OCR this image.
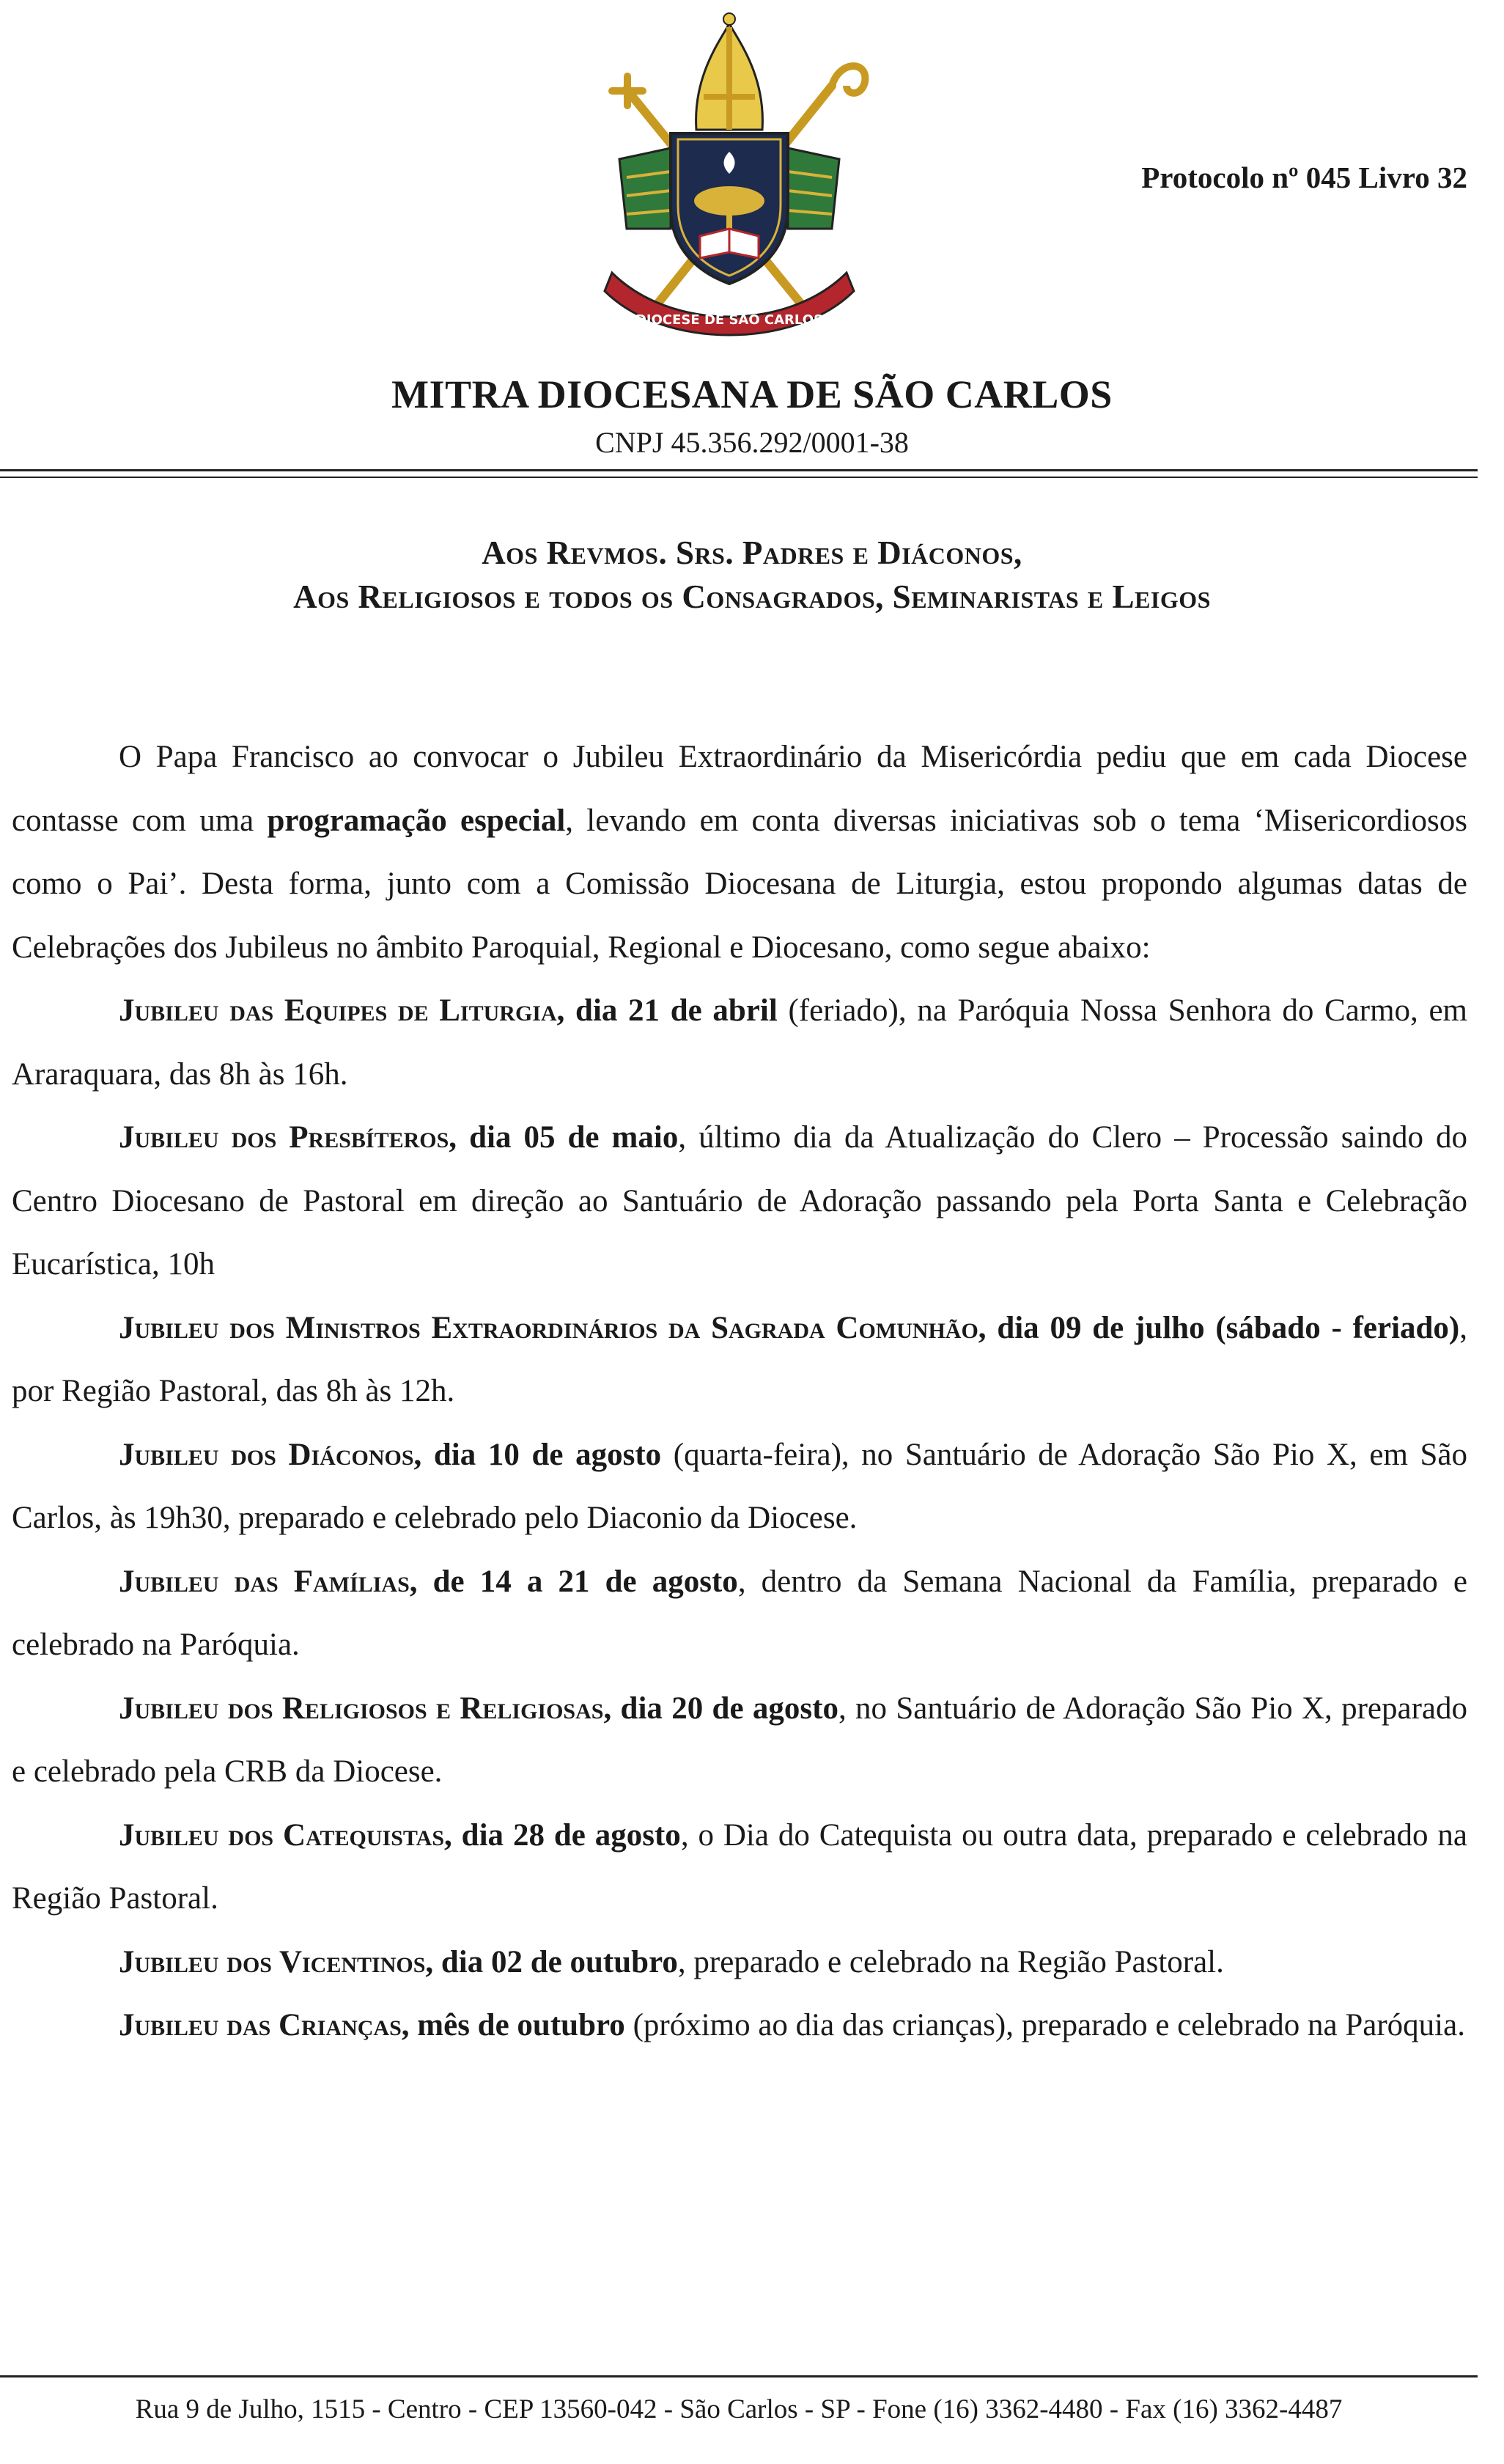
DIOCESE DE SÃO CARLOS
Protocolo nº 045 Livro 32
MITRA DIOCESANA DE SÃO CARLOS
CNPJ 45.356.292/0001-38
Aos Revmos. Srs. Padres e Diáconos,
Aos Religiosos e todos os Consagrados, Seminaristas e Leigos

O Papa Francisco ao convocar o Jubileu Extraordinário da Misericórdia pediu que em cada Diocese contasse com uma programação especial, levando em conta diversas iniciativas sob o tema ‘Misericordiosos como o Pai’. Desta forma, junto com a Comissão Diocesana de Liturgia, estou propondo algumas datas de Celebrações dos Jubileus no âmbito Paroquial, Regional e Diocesano, como segue abaixo:

Jubileu das Equipes de Liturgia, dia 21 de abril (feriado), na Paróquia Nossa Senhora do Carmo, em Araraquara, das 8h às 16h.

Jubileu dos Presbíteros, dia 05 de maio, último dia da Atualização do Clero – Processão saindo do Centro Diocesano de Pastoral em direção ao Santuário de Adoração passando pela Porta Santa e Celebração Eucarística, 10h

Jubileu dos Ministros Extraordinários da Sagrada Comunhão, dia 09 de julho (sábado - feriado), por Região Pastoral, das 8h às 12h.

Jubileu dos Diáconos, dia 10 de agosto (quarta-feira), no Santuário de Adoração São Pio X, em São Carlos, às 19h30, preparado e celebrado pelo Diaconio da Diocese.

Jubileu das Famílias, de 14 a 21 de agosto, dentro da Semana Nacional da Família, preparado e celebrado na Paróquia.

Jubileu dos Religiosos e Religiosas, dia 20 de agosto, no Santuário de Adoração São Pio X, preparado e celebrado pela CRB da Diocese.

Jubileu dos Catequistas, dia 28 de agosto, o Dia do Catequista ou outra data, preparado e celebrado na Região Pastoral.

Jubileu dos Vicentinos, dia 02 de outubro, preparado e celebrado na Região Pastoral.

Jubileu das Crianças, mês de outubro (próximo ao dia das crianças), preparado e celebrado na Paróquia.

Rua 9 de Julho, 1515 - Centro - CEP 13560-042 - São Carlos - SP - Fone (16) 3362-4480 - Fax (16) 3362-4487
